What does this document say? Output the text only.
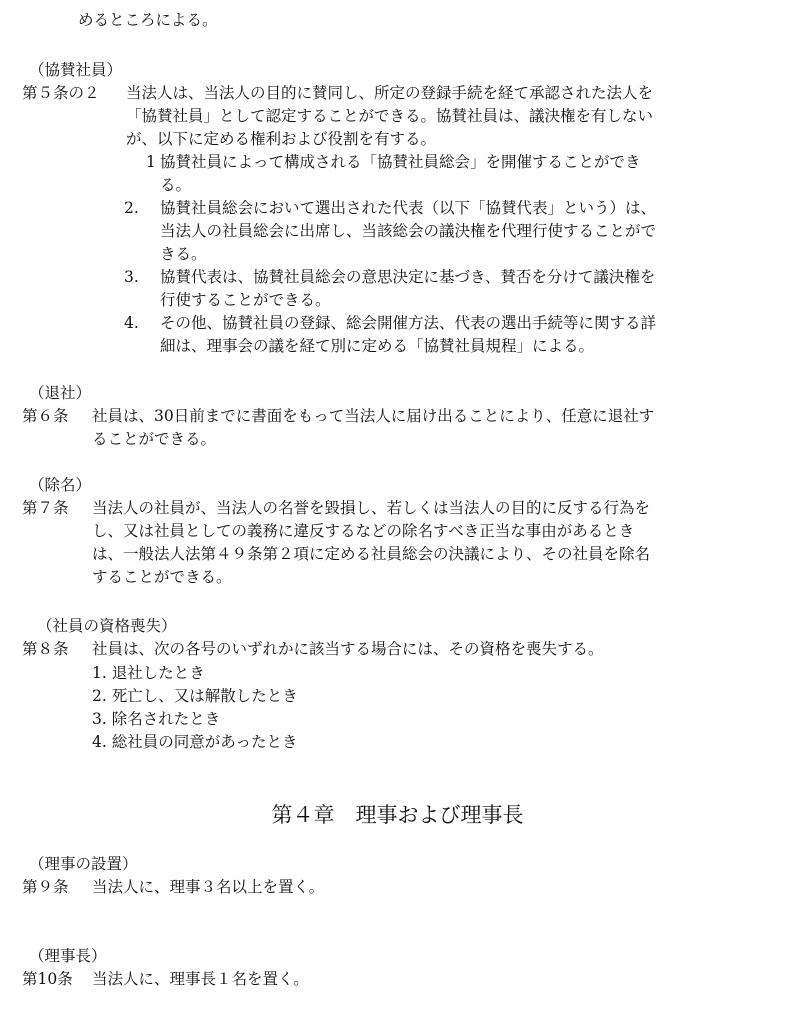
めるところによる。
（協賛社員）
第５条の２ 当法人は、当法人の目的に賛同し、所定の登録手続を経て承認された法人を
「協賛社員」として認定することができる。協賛社員は、議決権を有しない
が、以下に定める権利および役割を有する。
1 協賛社員によって構成される「協賛社員総会」を開催することができ
る。
2. 協賛社員総会において選出された代表（以下「協賛代表」という）は、
当法人の社員総会に出席し、当該総会の議決権を代理行使することがで
きる。
3. 協賛代表は、協賛社員総会の意思決定に基づき、賛否を分けて議決権を
行使することができる。
4. その他、協賛社員の登録、総会開催方法、代表の選出手続等に関する詳
細は、理事会の議を経て別に定める「協賛社員規程」による。
（退社）
第６条 社員は、30日前までに書面をもって当法人に届け出ることにより、任意に退社す
ることができる。
（除名）
第７条 当法人の社員が、当法人の名誉を毀損し、若しくは当法人の目的に反する行為を
し、又は社員としての義務に違反するなどの除名すべき正当な事由があるとき
は、一般法人法第４９条第２項に定める社員総会の決議により、その社員を除名
することができる。
（社員の資格喪失）
第８条 社員は、次の各号のいずれかに該当する場合には、その資格を喪失する。
1. 退社したとき
2. 死亡し、又は解散したとき
3. 除名されたとき
4. 総社員の同意があったとき
第４章　理事および理事長
（理事の設置）
第９条 当法人に、理事３名以上を置く。
（理事長）
第10条 当法人に、理事長１名を置く。
